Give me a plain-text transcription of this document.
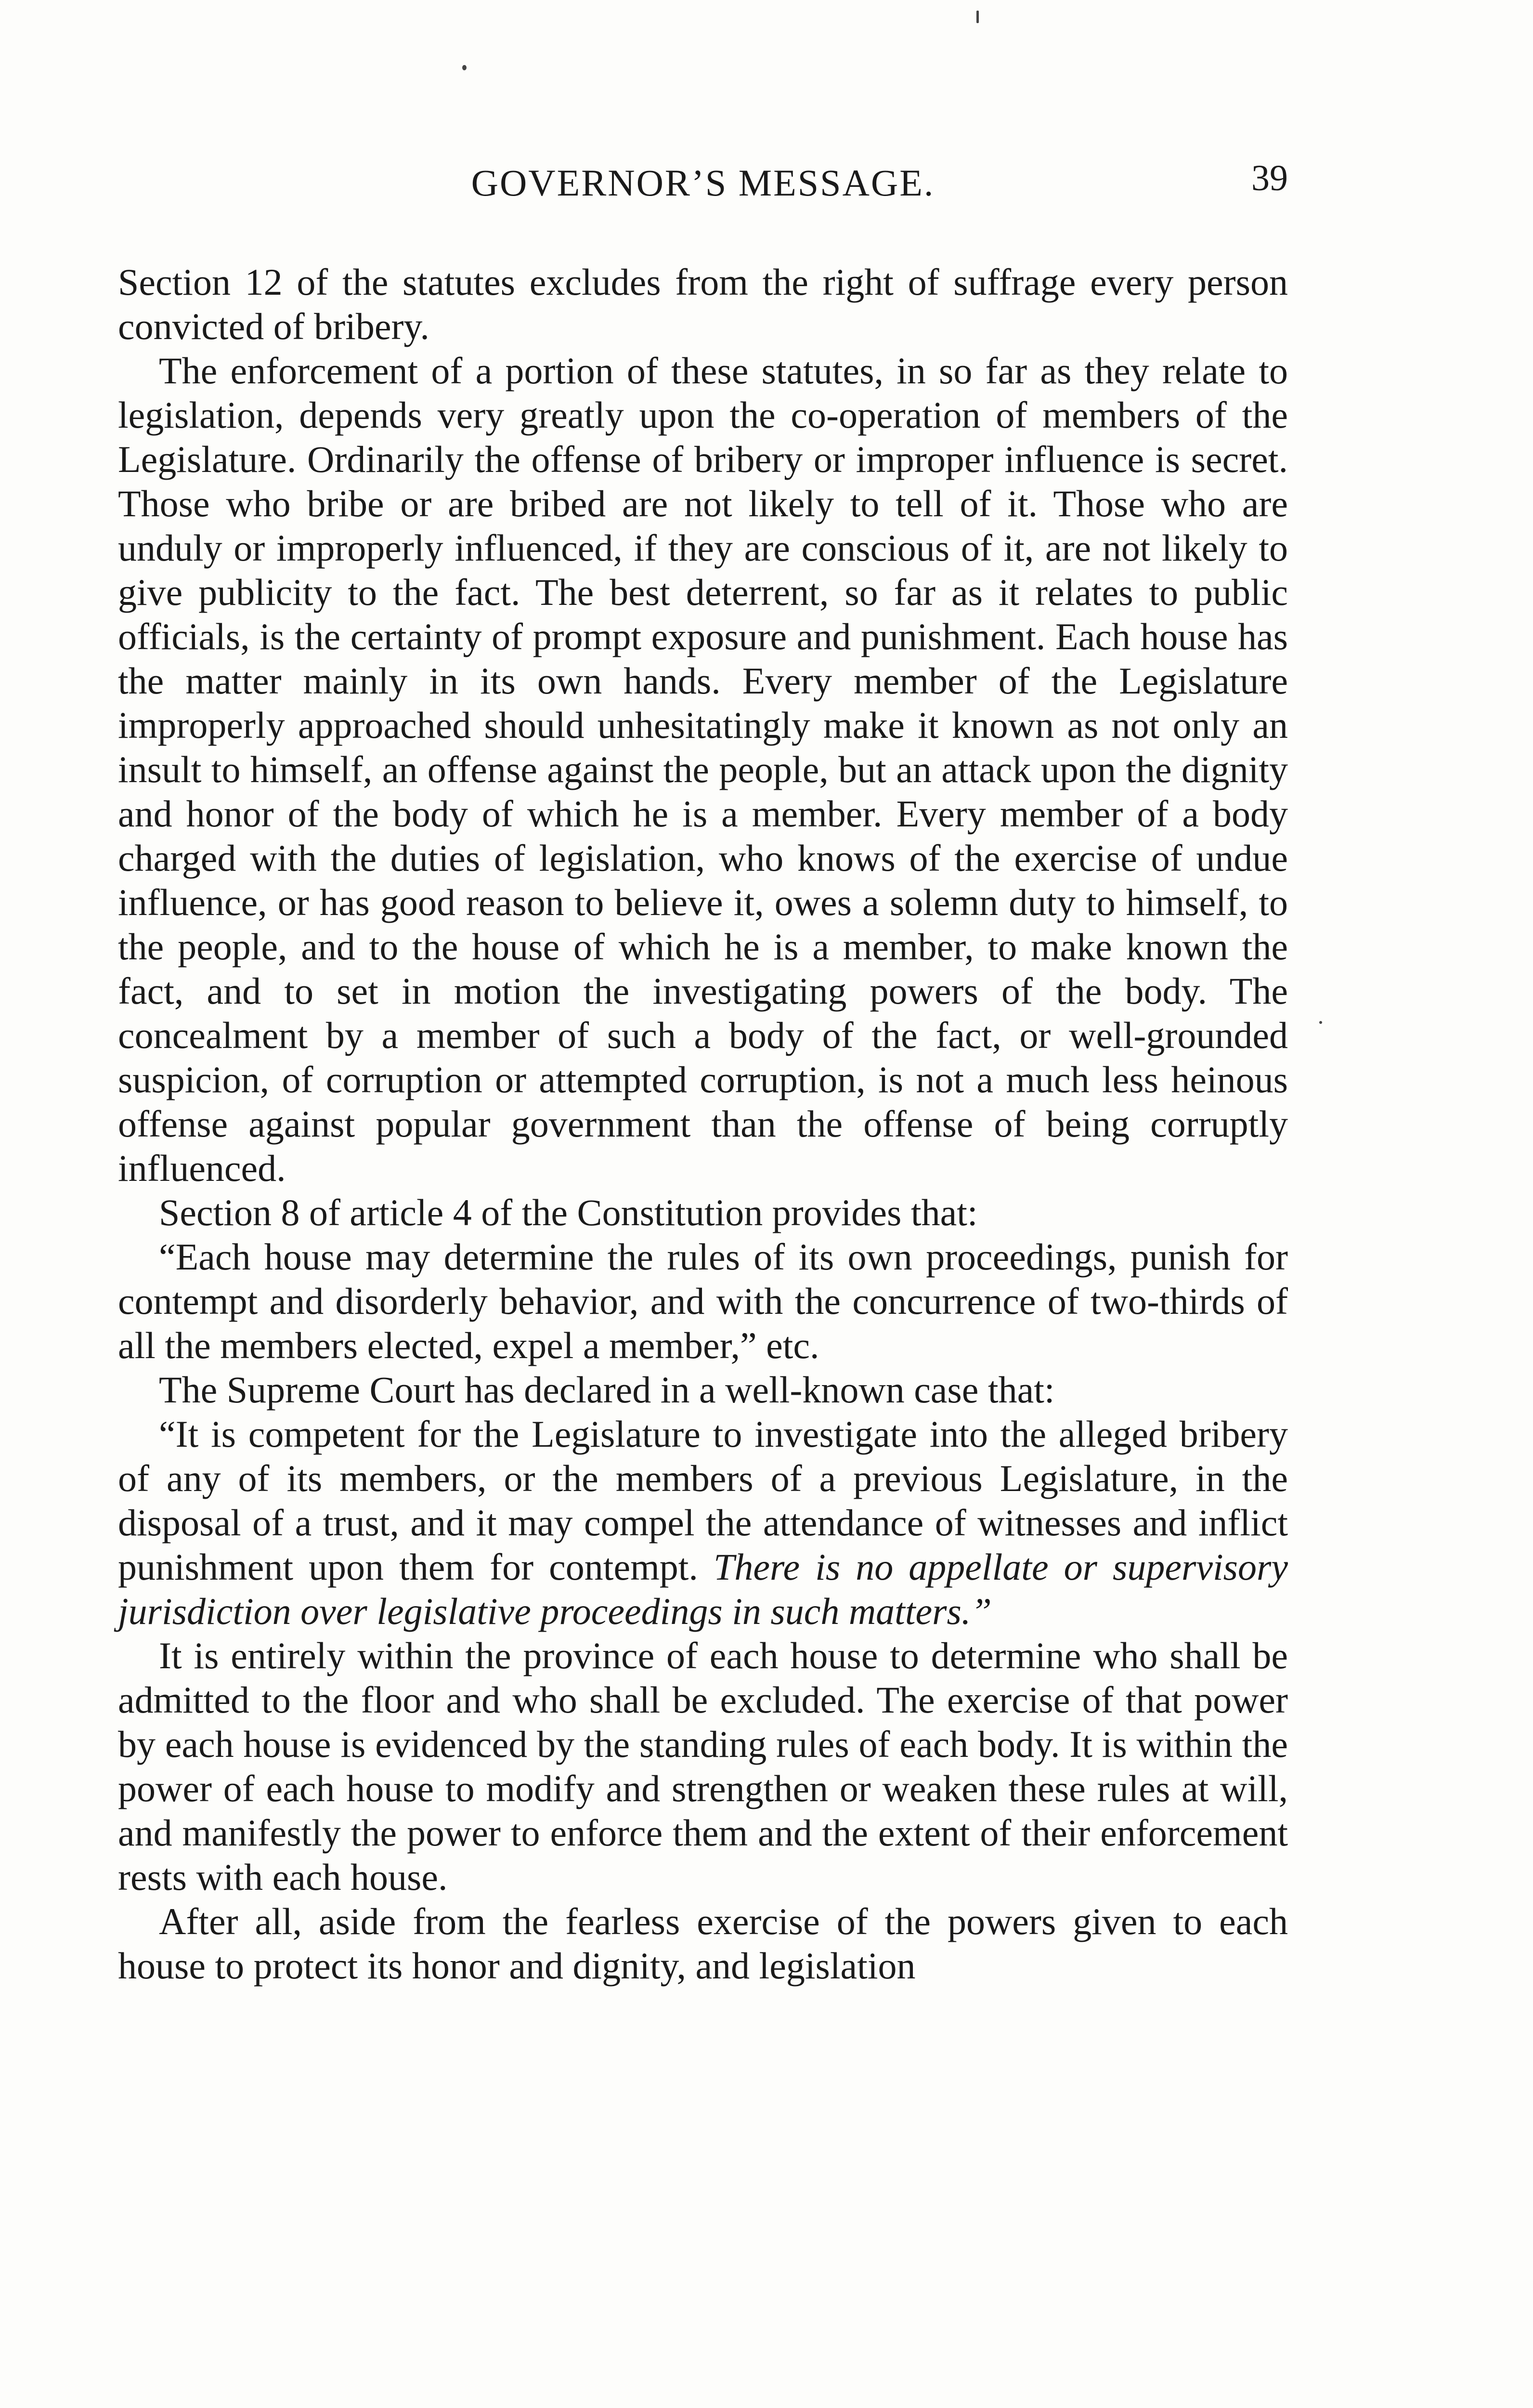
GOVERNOR’S MESSAGE.	39

Section 12 of the statutes excludes from the right of suffrage every person convicted of bribery.

The enforcement of a portion of these statutes, in so far as they relate to legislation, depends very greatly upon the co-operation of members of the Legislature. Ordinarily the offense of bribery or improper influence is secret. Those who bribe or are bribed are not likely to tell of it. Those who are unduly or improperly influenced, if they are conscious of it, are not likely to give publicity to the fact. The best deterrent, so far as it relates to public officials, is the certainty of prompt exposure and punishment. Each house has the matter mainly in its own hands. Every member of the Legislature improperly approached should unhesitatingly make it known as not only an insult to himself, an offense against the people, but an attack upon the dignity and honor of the body of which he is a member. Every member of a body charged with the duties of legislation, who knows of the exercise of undue influence, or has good reason to believe it, owes a solemn duty to himself, to the people, and to the house of which he is a member, to make known the fact, and to set in motion the investigating powers of the body. The concealment by a member of such a body of the fact, or well-grounded suspicion, of corruption or attempted corruption, is not a much less heinous offense against popular government than the offense of being corruptly influenced.

Section 8 of article 4 of the Constitution provides that:

“Each house may determine the rules of its own proceedings, punish for contempt and disorderly behavior, and with the concurrence of two-thirds of all the members elected, expel a member,” etc.

The Supreme Court has declared in a well-known case that:

“It is competent for the Legislature to investigate into the alleged bribery of any of its members, or the members of a previous Legislature, in the disposal of a trust, and it may compel the attendance of witnesses and inflict punishment upon them for contempt. There is no appellate or supervisory jurisdiction over legislative proceedings in such matters.”

It is entirely within the province of each house to determine who shall be admitted to the floor and who shall be excluded. The exercise of that power by each house is evidenced by the standing rules of each body. It is within the power of each house to modify and strengthen or weaken these rules at will, and manifestly the power to enforce them and the extent of their enforcement rests with each house.

After all, aside from the fearless exercise of the powers given to each house to protect its honor and dignity, and legislation
